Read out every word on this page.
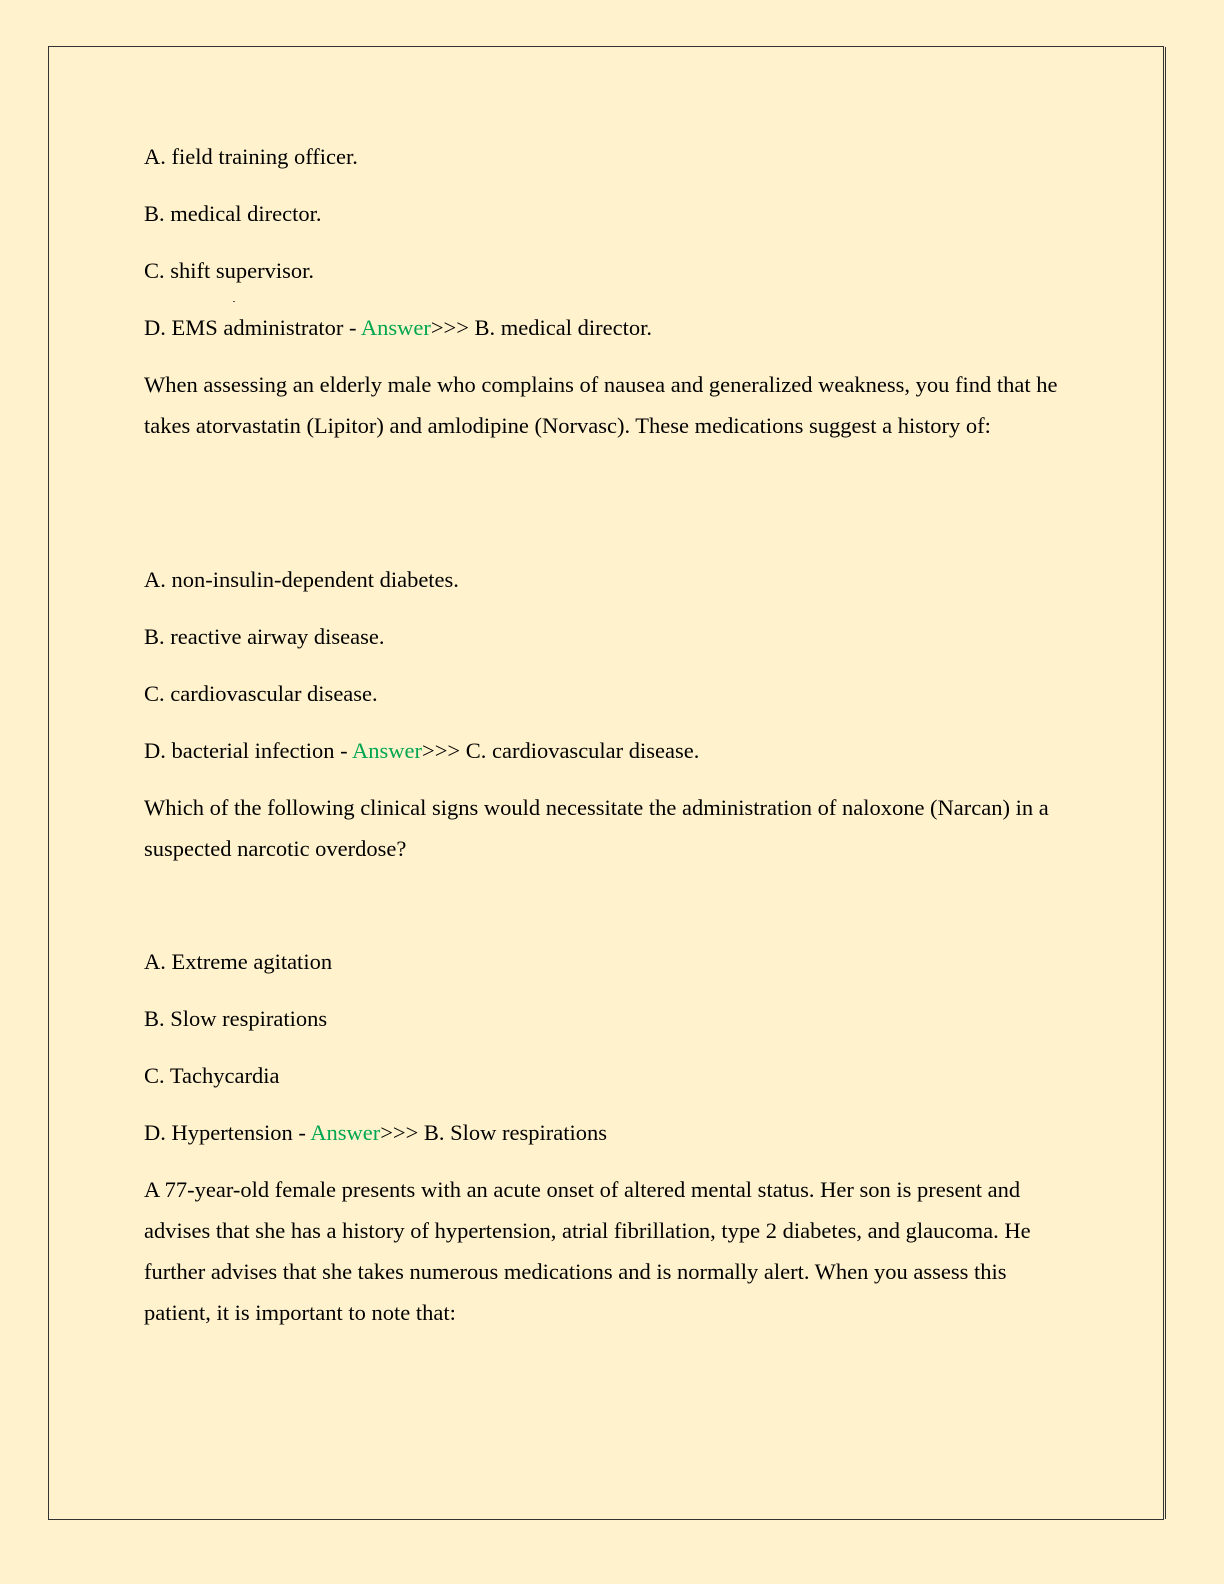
A. field training officer.

B. medical director.

C. shift supervisor.

D. EMS administrator - Answer>>> B. medical director.

When assessing an elderly male who complains of nausea and generalized weakness, you find that he takes atorvastatin (Lipitor) and amlodipine (Norvasc). These medications suggest a history of:

A. non-insulin-dependent diabetes.

B. reactive airway disease.

C. cardiovascular disease.

D. bacterial infection - Answer>>> C. cardiovascular disease.

Which of the following clinical signs would necessitate the administration of naloxone (Narcan) in a suspected narcotic overdose?

A. Extreme agitation

B. Slow respirations

C. Tachycardia

D. Hypertension - Answer>>> B. Slow respirations

A 77-year-old female presents with an acute onset of altered mental status. Her son is present and advises that she has a history of hypertension, atrial fibrillation, type 2 diabetes, and glaucoma. He further advises that she takes numerous medications and is normally alert. When you assess this patient, it is important to note that:
